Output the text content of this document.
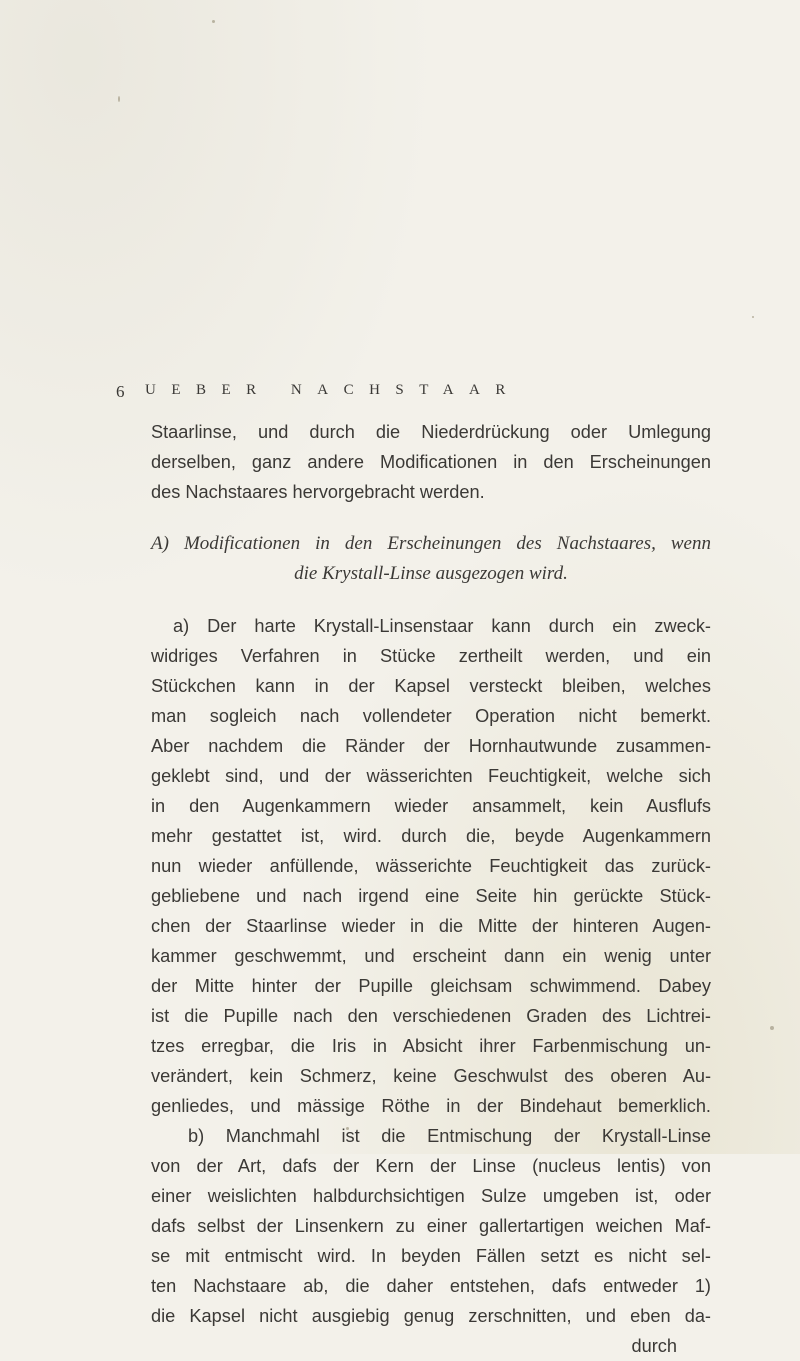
6 UEBER NACHSTAAR
Staarlinse, und durch die Niederdrückung oder Umlegung
derselben, ganz andere Modificationen in den Erscheinungen
des Nachstaares hervorgebracht werden.
A) Modificationen in den Erscheinungen des Nachstaares, wenn
die Krystall-Linse ausgezogen wird.
a) Der harte Krystall-Linsenstaar kann durch ein zweck-
widriges Verfahren in Stücke zertheilt werden, und ein
Stückchen kann in der Kapsel versteckt bleiben, welches
man sogleich nach vollendeter Operation nicht bemerkt.
Aber nachdem die Ränder der Hornhautwunde zusammen-
geklebt sind, und der wässerichten Feuchtigkeit, welche sich
in den Augenkammern wieder ansammelt, kein Ausflufs
mehr gestattet ist, wird. durch die, beyde Augenkammern
nun wieder anfüllende, wässerichte Feuchtigkeit das zurück-
gebliebene und nach irgend eine Seite hin gerückte Stück-
chen der Staarlinse wieder in die Mitte der hinteren Augen-
kammer geschwemmt, und erscheint dann ein wenig unter
der Mitte hinter der Pupille gleichsam schwimmend. Dabey
ist die Pupille nach den verschiedenen Graden des Lichtrei-
tzes erregbar, die Iris in Absicht ihrer Farbenmischung un-
verändert, kein Schmerz, keine Geschwulst des oberen Au-
genliedes, und mässige Röthe in der Bindehaut bemerklich.
b) Manchmahl ist die Entmischung der Krystall-Linse
von der Art, dafs der Kern der Linse (nucleus lentis) von
einer weislichten halbdurchsichtigen Sulze umgeben ist, oder
dafs selbst der Linsenkern zu einer gallertartigen weichen Maf-
se mit entmischt wird. In beyden Fällen setzt es nicht sel-
ten Nachstaare ab, die daher entstehen, dafs entweder 1)
die Kapsel nicht ausgiebig genug zerschnitten, und eben da-
durch
